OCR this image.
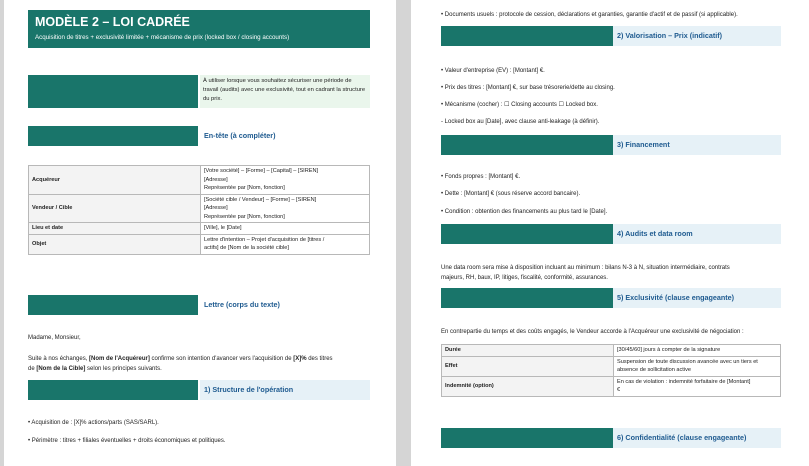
MODÈLE 2 – LOI CADRÉE
Acquisition de titres + exclusivité limitée + mécanisme de prix (locked box / closing accounts)
À utiliser lorsque vous souhaitez sécuriser une période de travail (audits) avec une exclusivité, tout en cadrant la structure du prix.
En-tête (à compléter)
Acquéreur	[Votre société] – [Forme] – [Capital] – [SIREN]
[Adresse]
Représentée par [Nom, fonction]

Vendeur / Cible	[Société cible / Vendeur] – [Forme] – [SIREN]
[Adresse]
Représentée par [Nom, fonction]

Lieu et date	[Ville], le [Date]

Objet	Lettre d'intention – Projet d'acquisition de [titres /
actifs] de [Nom de la société cible]
Lettre (corps du texte)
Madame, Monsieur,
Suite à nos échanges, [Nom de l'Acquéreur] confirme son intention d'avancer vers l'acquisition de [X]% des titres
de [Nom de la Cible] selon les principes suivants.
1) Structure de l'opération
• Acquisition de : [X]% actions/parts (SAS/SARL).
• Périmètre : titres + filiales éventuelles + droits économiques et politiques.
• Documents usuels : protocole de cession, déclarations et garanties, garantie d'actif et de passif (si applicable).
2) Valorisation – Prix (indicatif)
• Valeur d'entreprise (EV) : [Montant] €.
• Prix des titres : [Montant] €, sur base trésorerie/dette au closing.
• Mécanisme (cocher) : ☐ Closing accounts ☐ Locked box.
- Locked box au [Date], avec clause anti-leakage (à définir).
3) Financement
• Fonds propres : [Montant] €.
• Dette : [Montant] € (sous réserve accord bancaire).
• Condition : obtention des financements au plus tard le [Date].
4) Audits et data room
Une data room sera mise à disposition incluant au minimum : bilans N-3 à N, situation intermédiaire, contrats
majeurs, RH, baux, IP, litiges, fiscalité, conformité, assurances.
5) Exclusivité (clause engageante)
En contrepartie du temps et des coûts engagés, le Vendeur accorde à l'Acquéreur une exclusivité de négociation :
Durée	[30/45/60] jours à compter de la signature

Effet	Suspension de toute discussion avancée avec un tiers et
absence de sollicitation active

Indemnité (option)	En cas de violation : indemnité forfaitaire de [Montant]
€
6) Confidentialité (clause engageante)
